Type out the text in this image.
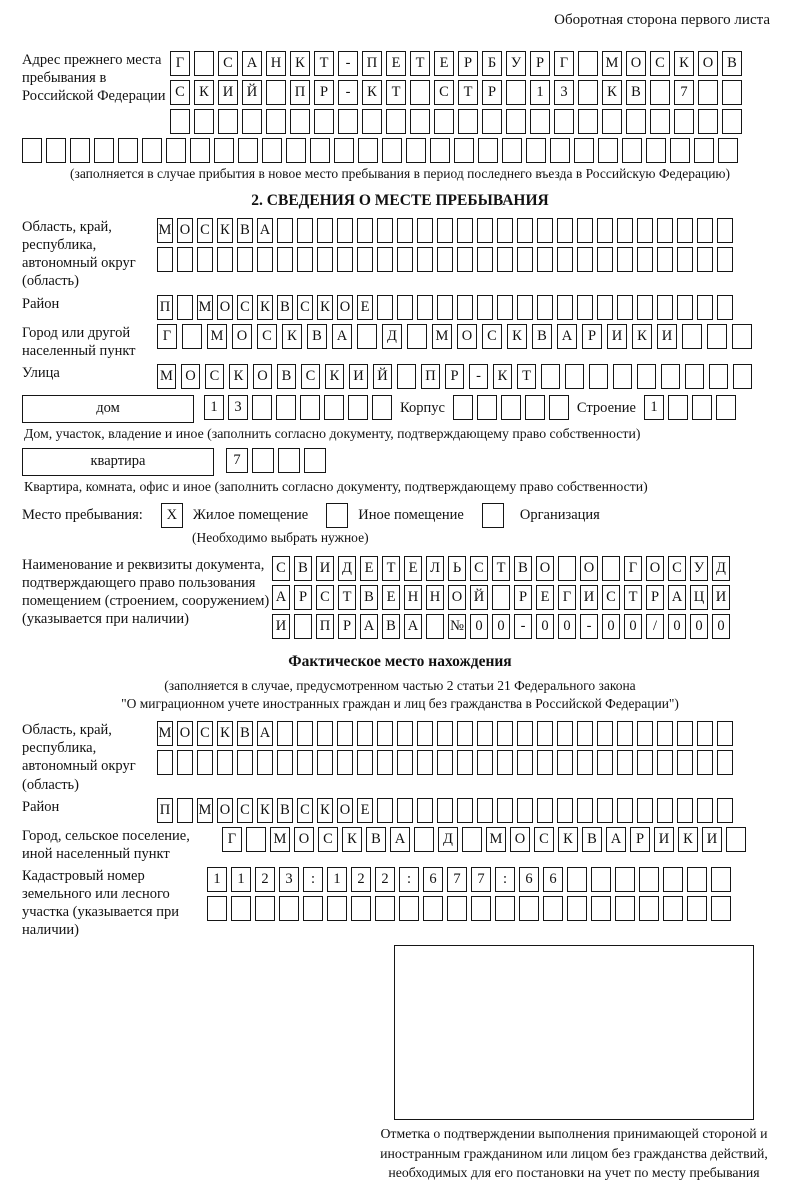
Оборотная сторона первого листа
Адрес прежнего места пребывания в Российской Федерации
Г	С А Н К	Т	-	П Е	Т	Е	Р	Б	У	Р	Г	М О С К О В
С К И Й	П	Р	-	К	Т	С	Т	Р	1	3	К В	7
(заполняется в случае прибытия в новое место пребывания в период последнего въезда в Российскую Федерацию)
2. СВЕДЕНИЯ О МЕСТЕ ПРЕБЫВАНИЯ
Область, край, республика, автономный округ (область)
М О С К В А
Район	П М О С К В С К О Е
Город или другой населенный пункт
Г	М О	С	К	В	А	Д	М О	С	К	В	А	Р	И	К	И
Улица	М О С К О В С К И Й	П	Р	-	К	Т
дом	1	3	Корпус	Строение 1
Дом, участок, владение и иное (заполнить согласно документу, подтверждающему право собственности)
квартира	7
Квартира, комната, офис и иное (заполнить согласно документу, подтверждающему право собственности)
Место пребывания:	X	Жилое помещение	Иное помещение	Организация
(Необходимо выбрать нужное)
Наименование и реквизиты документа, подтверждающего право пользования помещением (строением, сооружением) (указывается при наличии)
С В И Д Е Т Е Л Ь С Т В О О	Г О С У Д
А Р С Т В Е Н Н О Й	Р Е Г И С Т Р А Ц И
И П Р А В А № 0	0	-	0	0	-	0	0	/	0	0	0
Фактическое место нахождения
(заполняется в случае, предусмотренном частью 2 статьи 21 Федерального закона
"О миграционном учете иностранных граждан и лиц без гражданства в Российской Федерации")
Область, край, республика, автономный округ (область)
М О С К В А
Район	П М О С К В С К О Е
Город, сельское поселение, иной населенный пункт
Г	М О С К В А	Д	М О С К В А	Р	И К И
Кадастровый номер земельного или лесного участка (указывается при наличии)
1	1	2	3	:	1	2	2	:	6	7	7	:	6	6
Отметка о подтверждении выполнения принимающей стороной и иностранным гражданином или лицом без гражданства действий, необходимых для его постановки на учет по месту пребывания
